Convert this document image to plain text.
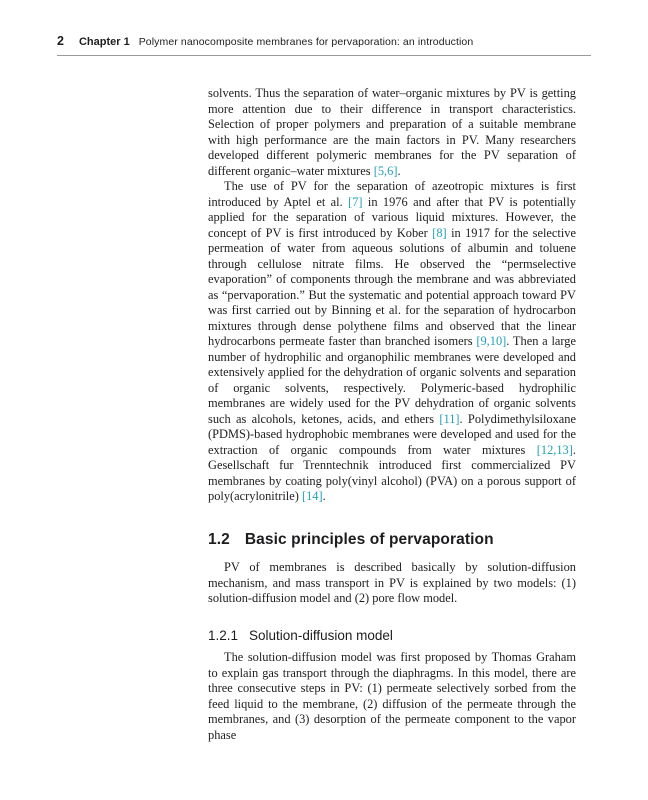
2 Chapter 1 Polymer nanocomposite membranes for pervaporation: an introduction

solvents. Thus the separation of water–organic mixtures by PV is getting more attention due to their difference in transport characteristics. Selection of proper polymers and preparation of a suitable membrane with high performance are the main factors in PV. Many researchers developed different polymeric membranes for the PV separation of different organic–water mixtures [5,6].

The use of PV for the separation of azeotropic mixtures is first introduced by Aptel et al. [7] in 1976 and after that PV is potentially applied for the separation of various liquid mixtures. However, the concept of PV is first introduced by Kober [8] in 1917 for the selective permeation of water from aqueous solutions of albumin and toluene through cellulose nitrate films. He observed the “permselective evaporation” of components through the membrane and was abbreviated as “pervaporation.” But the systematic and potential approach toward PV was first carried out by Binning et al. for the separation of hydrocarbon mixtures through dense polythene films and observed that the linear hydrocarbons permeate faster than branched isomers [9,10]. Then a large number of hydrophilic and organophilic membranes were developed and extensively applied for the dehydration of organic solvents and separation of organic solvents, respectively. Polymeric-based hydrophilic membranes are widely used for the PV dehydration of organic solvents such as alcohols, ketones, acids, and ethers [11]. Polydimethylsiloxane (PDMS)-based hydrophobic membranes were developed and used for the extraction of organic compounds from water mixtures [12,13]. Gesellschaft fur Trenntechnik introduced first commercialized PV membranes by coating poly(vinyl alcohol) (PVA) on a porous support of poly(acrylonitrile) [14].

1.2 Basic principles of pervaporation

PV of membranes is described basically by solution-diffusion mechanism, and mass transport in PV is explained by two models: (1) solution-diffusion model and (2) pore flow model.

1.2.1 Solution-diffusion model

The solution-diffusion model was first proposed by Thomas Graham to explain gas transport through the diaphragms. In this model, there are three consecutive steps in PV: (1) permeate selectively sorbed from the feed liquid to the membrane, (2) diffusion of the permeate through the membranes, and (3) desorption of the permeate component to the vapor phase
